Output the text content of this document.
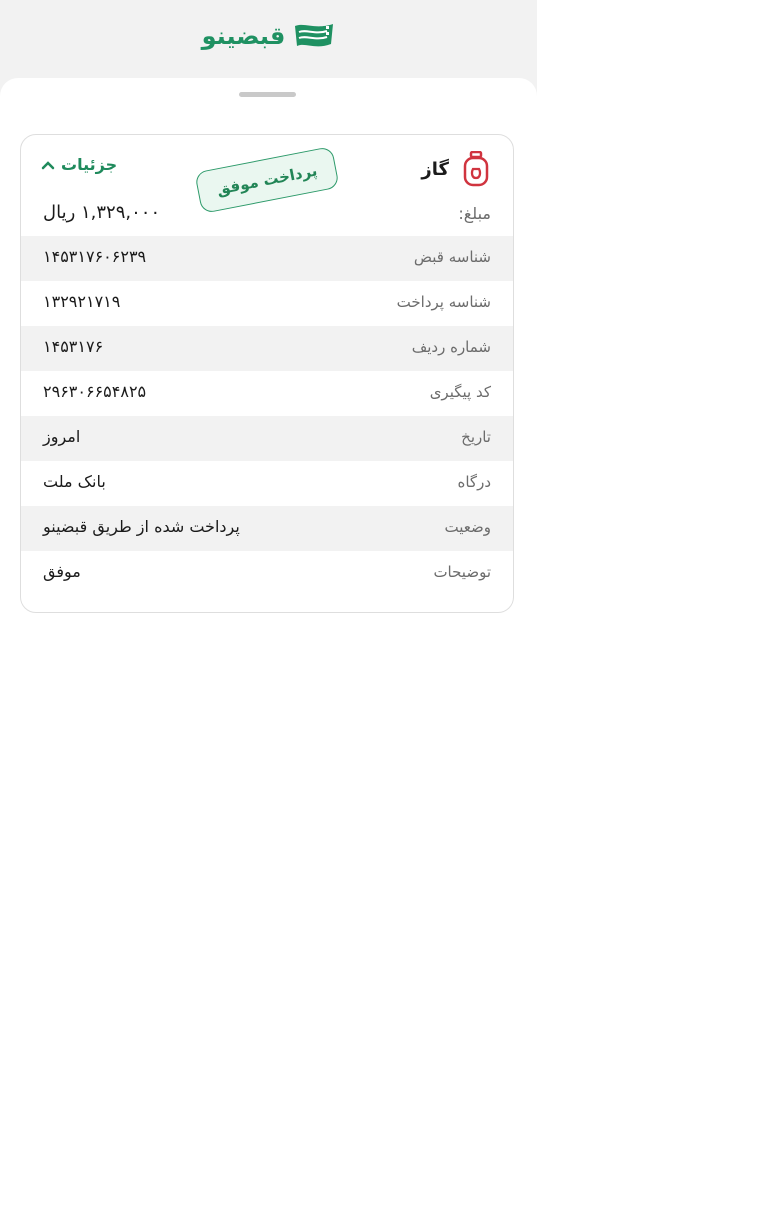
قبضینو
گاز
جزئیات	پرداخت موفق
مبلغ:
۱,۳۲۹,۰۰۰ ریال
شناسه قبض
۱۴۵۳۱۷۶۰۶۲۳۹
شناسه پرداخت
۱۳۲۹۲۱۷۱۹
شماره ردیف
۱۴۵۳۱۷۶
کد پیگیری
۲۹۶۳۰۶۶۵۴۸۲۵
تاریخ
امروز
درگاه
بانک ملت
وضعیت
پرداخت شده از طریق قبضینو
توضیحات
موفق
